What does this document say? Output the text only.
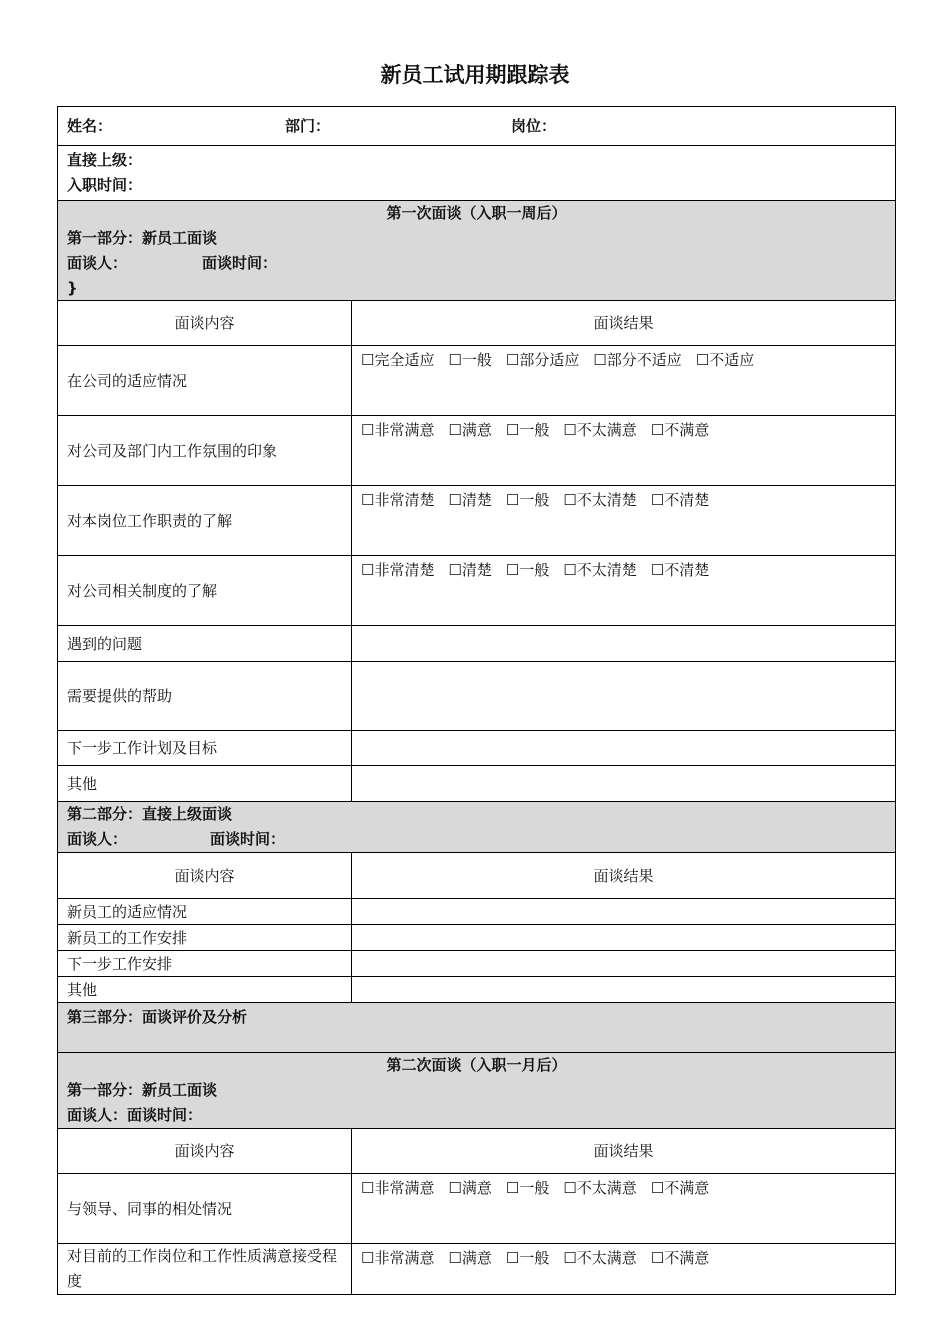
新员工试用期跟踪表
姓名： 部门： 岗位：	

直接上级：
入职时间：	

第一次面谈（入职一周后）
第一部分：新员工面谈
面谈人： 面谈时间：
}	
面谈内容	面谈结果
在公司的适应情况	☐完全适应 ☐一般 ☐部分适应 ☐部分不适应 ☐不适应
对公司及部门内工作氛围的印象	☐非常满意 ☐满意 ☐一般 ☐不太满意 ☐不满意
对本岗位工作职责的了解	☐非常清楚 ☐清楚 ☐一般 ☐不太清楚 ☐不清楚
对公司相关制度的了解	☐非常清楚 ☐清楚 ☐一般 ☐不太清楚 ☐不清楚
遇到的问题	
需要提供的帮助	
下一步工作计划及目标	
其他	

第二部分：直接上级面谈
面谈人： 面谈时间：	

面谈内容	面谈结果
新员工的适应情况	
新员工的工作安排	
下一步工作安排	
其他	

第三部分：面谈评价及分析	

第二次面谈（入职一月后）
第一部分：新员工面谈
面谈人：面谈时间：	

面谈内容	面谈结果
与领导、同事的相处情况	☐非常满意 ☐满意 ☐一般 ☐不太满意 ☐不满意
对目前的工作岗位和工作性质满意接受程度	☐非常满意 ☐满意 ☐一般 ☐不太满意 ☐不满意
